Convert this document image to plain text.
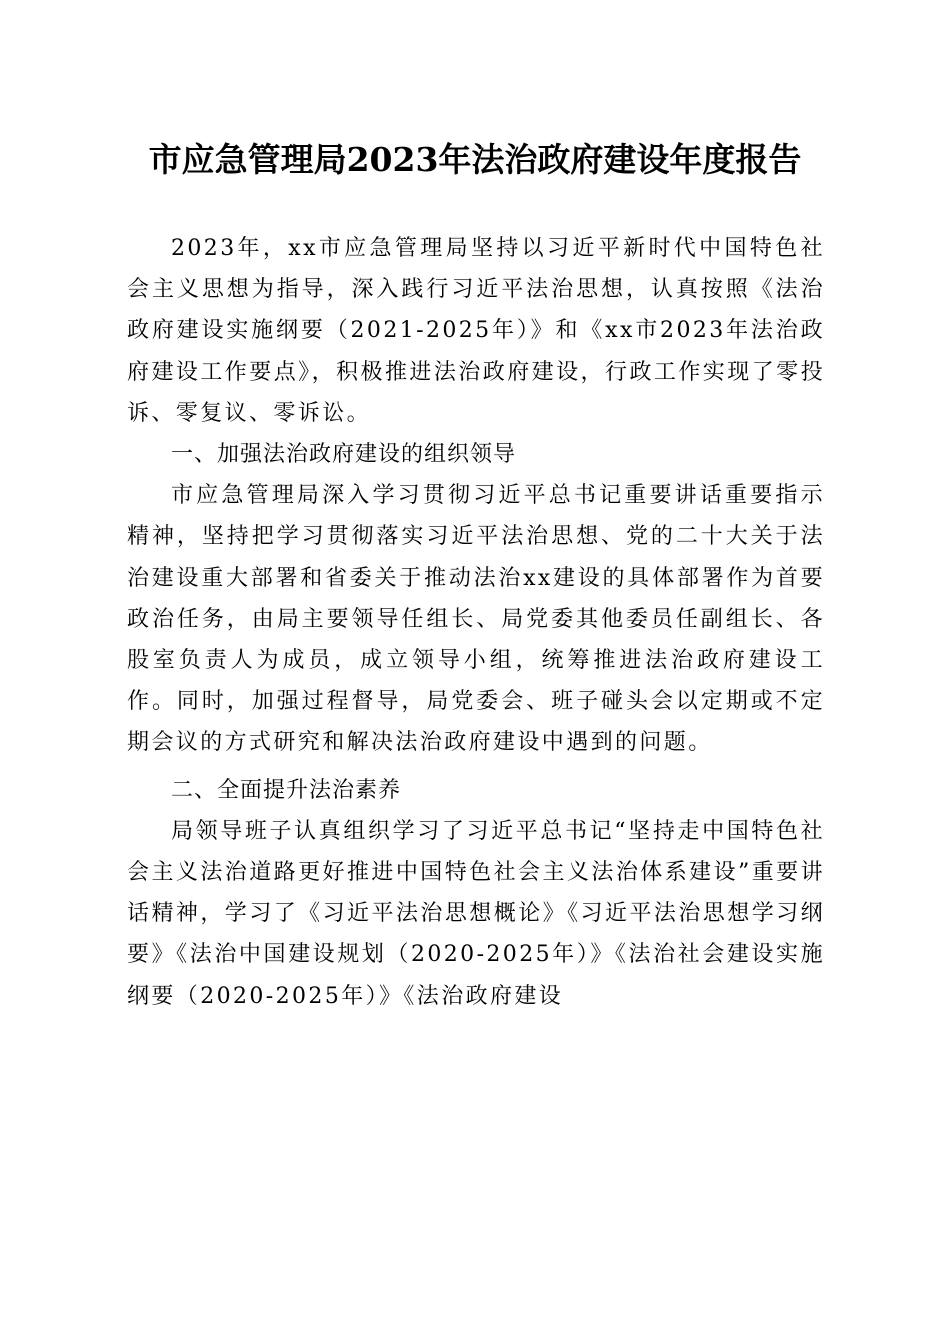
市应急管理局2023年法治政府建设年度报告

2023年，xx市应急管理局坚持以习近平新时代中国特色社会主义思想为指导，深入践行习近平法治思想，认真按照《法治政府建设实施纲要（2021-2025年）》和《xx市2023年法治政府建设工作要点》，积极推进法治政府建设，行政工作实现了零投诉、零复议、零诉讼。

一、加强法治政府建设的组织领导

市应急管理局深入学习贯彻习近平总书记重要讲话重要指示精神，坚持把学习贯彻落实习近平法治思想、党的二十大关于法治建设重大部署和省委关于推动法治xx建设的具体部署作为首要政治任务，由局主要领导任组长、局党委其他委员任副组长、各股室负责人为成员，成立领导小组，统筹推进法治政府建设工作。同时，加强过程督导，局党委会、班子碰头会以定期或不定期会议的方式研究和解决法治政府建设中遇到的问题。

二、全面提升法治素养

局领导班子认真组织学习了习近平总书记“坚持走中国特色社会主义法治道路更好推进中国特色社会主义法治体系建设”重要讲话精神，学习了《习近平法治思想概论》《习近平法治思想学习纲要》《法治中国建设规划（2020-2025年）》《法治社会建设实施纲要（2020-2025年）》《法治政府建设
